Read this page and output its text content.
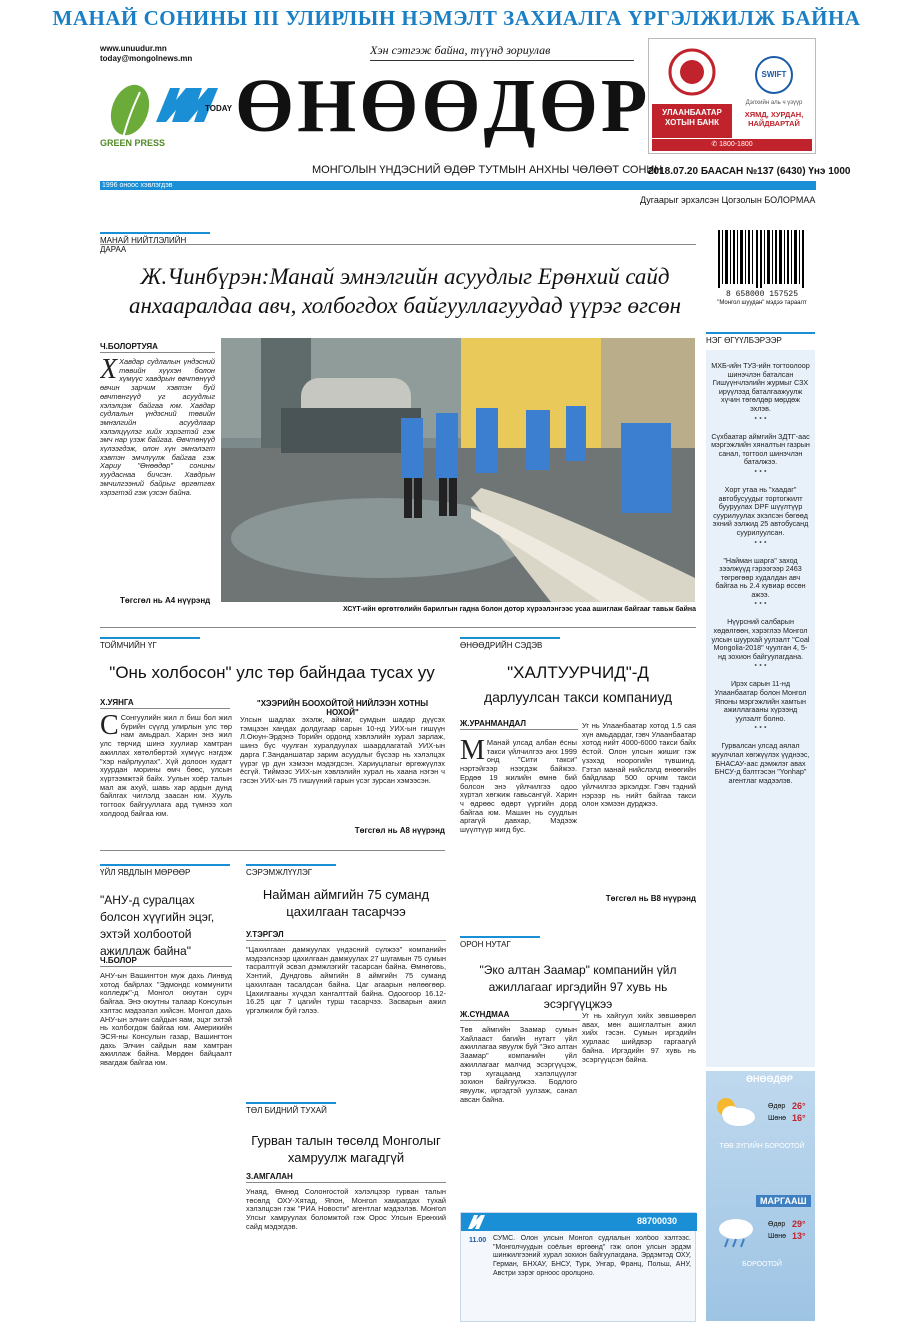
МАНАЙ СОНИНЫ III УЛИРЛЫН НЭМЭЛТ ЗАХИАЛГА ҮРГЭЛЖИЛЖ БАЙНА
www.unuudur.mn
today@mongolnews.mn
Хэн сэтгэж байна, түүнд зориулав
GREEN PRESS
TODAY ӨНӨӨДӨР
МОНГОЛЫН ҮНДЭСНИЙ ӨДӨР ТУТМЫН АНХНЫ ЧӨЛӨӨТ СОНИН
2018.07.20 БААСАН №137 (6430) Үнэ 1000
1996 оноос хэвлэгдэв
Дугаарыг эрхэлсэн Цогзолын БОЛОРМАА
УЛААНБААТАР ХОТЫН БАНК
SWIFT
Дэлхийн аль ч үзүүр
ХЯМД, ХУРДАН, НАЙДВАРТАЙ
✆ 1800-1800
8 658000 157525
"Монгол шуудан" мэдээ тараалт
МАНАЙ НИЙТЛЭЛИЙН ДАРАА
Ж.Чинбүрэн:Манай эмнэлгийн асуудлыг Ерөнхий сайд анхааралдаа авч, холбогдох байгууллагуудад үүрэг өгсөн
Ч.БОЛОРТУЯА
Х Хавдар судлалын үндэсний төвийн хүүхэн болон хүмүүс хавдрын өвчтөнүүд өвчин зарчим хэвтэн буй өвчтөнгүүд уг асуудлыг хэлэлцэж байгаа юм. Хавдар судлалын үндэсний төвийн эмнэлгийн асуудлаар хэлэлцүүлэг хийх хэрэгтэй гэж эмч нар үзэж байгаа. Өвчтөнүүд хүлээгдэж, олон хүн эмнэлэгт хэвтэн эмчлүүлж байгаа гэж Хариу "Өнөөдөр" сонины хуудаснаа бичсэн. Хавдрын эмчилгээний байрыг өргөтгөх хэрэгтэй гэж үзсэн байна.
Төгсгөл нь А4 нүүрэнд
ХСҮТ-ийн өргөтгөлийн барилгын гадна болон дотор хүрээлэнгээс усаа ашиглаж байгааг тавьж байна
НЭГ ӨГҮҮЛБЭРЭЭР
МХБ-ийн ТУЗ-ийн тогтоолоор шинэчлэн баталсан Гишүүнчлэлийн журмыг СЗХ ирүүлээд баталгаажуулж хүчин төгөлдөр мөрдөж эхлэв.
• • •
Сүхбаатар аймгийн ЗДТГ-аас мэргэжлийн хяналтын газрын санал, тогтоол шинэчлэн баталжээ.
• • •
Хорт утаа нь "хаадаг" автобусуудыг тортогжилт бууруулах DPF шүүлтүүр суурилуулах эхэлсэн бөгөөд эхний ээлжид 25 автобусанд суурилуулсан.
• • •
"Найман шарга" заход зээлжүүд гэрээгээр 2463 төгрөгөөр худалдан авч байгаа нь 2.4 хувиар өссөн ажээ.
• • •
Нүүрсний салбарын хөдөлгөөн, хэрэглээ Монгол улсын шуурхай уулзалт "Coal Mongolia-2018" чуулган 4, 5-нд зохион байгуулагдана.
• • •
Ирэх сарын 11-нд Улаанбаатар болон Монгол Японы мэргэжлийн хамтын ажиллагааны хүрээнд уулзалт болно.
• • •
Гурвалсан улсад аялал жуулчлал хөгжүүлэх үүднээс, БНАСАУ-аас дэмжлэг авах БНСУ-д бэлтгэсэн "Yonhap" агентлаг мэдээлэв.
ӨНӨӨДӨР
Өдөр 26°
Шөнө 16°
ТӨВ ЗҮГИЙН БОРООТОЙ
МАРГААШ
Өдөр 29°
Шөнө 13°
БОРООТОЙ
ТОЙМЧИЙН ҮГ
"Онь холбосон" улс төр байндаа тусах уу
Х.УЯНГА
С Сонгуулийн жил л биш бол жил бүрийн сүүлд улирлын улс төр нам амьдрал. Харин энэ жил улс төрчид шинэ хуулиар хамтран ажиллах хөтөлбөртэй хүмүүс нэгдэж "хэр найрлуулах". Хүй долоон худагт хуурдан морины өмч бөөс, улсын хүртээмжтэй байх. Уулын хоёр талын мал аж ахуй, шавь хар ардын дунд байлгах чиглэлд заасан юм. Хууль тогтоох байгууллага ард түмнээ хол холдоод байгаа юм.
"ХЭЭРИЙН БООХОЙТОЙ НИЙЛЭЭН ХОТНЫ НОХОЙ"
Улсын шадлах эхэлж, аймаг, сумдын шадар дүүсэх тэмцээн хандах долдугаар сарын 10-нд УИХ-ын гишүүн Л.Оюун-Эрдэнэ Торийн ордонд хэвлэлийн хурал зарлаж, шинэ бүс чуулган хуралдуулах шаардлагатай УИХ-ын дарга Г.Занданшатар зарим асуудлыг бүсээр нь хэлэлцэх үүрэг үр дүн хэмээн мэдэгдсэн. Хариуцлагыг өргөжүүлэх ёсгүй. Тиймээс УИХ-ын хэвлэлийн хурал нь хаана нэгэн ч гэсэн УИХ-ын 75 гишүүний гарын үсэг зурсан хэмээсэн.
Төгсгөл нь А8 нүүрэнд
ӨНӨӨДРИЙН СЭДЭВ
"ХАЛТУУРЧИД"-Д
дарлуулсан такси компаниуд
Ж.УРАНМАНДАЛ
М Манай улсад албан ёсны такси үйлчилгээ анх 1999 онд "Сити такси" нэртэйгээр нээгдэж байжээ. Ердөө 19 жилийн өмнө бий болсон энэ үйлчилгээ одоо хүртэл хөгжиж гавьсангүй. Харин ч өдрөөс өдөрт үүргийн дорд байгаа юм. Машин нь суудлын аргагүй давхар, Мэдээж шүүлтүүр жигд бус.
Уг нь Улаанбаатар хотод 1.5 сая хүн амьдардаг, гэвч Улаанбаатар хотод нийт 4000-6000 такси байх ёстой. Олон улсын жишиг гэж үзэхэд ноорогийн түвшинд. Гэтэл манай нийслэлд өнөөгийн байдлаар 500 орчим такси үйлчилгээ эрхэлдэг. Гэвч тэдний нэрээр нь нийт байгаа такси олон хэмээн дурджээ.
Төгсгөл нь В8 нүүрэнд
ҮЙЛ ЯВДЛЫН МӨРӨӨР
"АНУ-д суралцах болсон хүүгийн эцэг, эхтэй холбоотой ажиллаж байна"
Ч.БОЛОР
АНУ-ын Вашингтон муж дахь Линвуд хотод байрлах "Эдмондс коммунити колледж"-д Монгол оюутан сурч байгаа. Энэ оюутны талаар Консулын хэлтэс мэдээлэл хийсэн. Монгол дахь АНУ-ын элчин сайдын яам, эцэг эхтэй нь холбогдож байгаа юм. Америкийн ЭСЯ-ны Консулын газар, Вашингтон дахь Элчин сайдын яам хамтран ажиллаж байна. Мөрдөн байцаалт явагдаж байгаа юм.
СЭРЭМЖЛҮҮЛЭГ
Найман аймгийн 75 суманд цахилгаан тасарчээ
У.ТЭРГЭЛ
"Цахилгаан дамжуулах үндэсний сүлжээ" компанийн мэдээлснээр цахилгаан дамжуулах 27 шугамын 75 сумын тасралтгүй эсвэл дэмжлэгийг тасарсан байна. Өмнөговь, Хэнтий, Дундговь аймгийн 8 аймгийн 75 суманд цахилгаан тасалдсан байна. Цаг агаарын нөлөөгөөр. Цахилгааны хүчдэл хангалттай байна. Одоогоор 16.12-16.25 цаг 7 цагийн турш тасарчээ. Засварын ажил үргэлжилж буй гэлээ.
ТӨЛ БИДНИЙ ТУХАЙ
Гурван талын төсөлд Монголыг хамруулж магадгүй
З.АМГАЛАН
Унаяд, Өмнөд Солонгостой хэлэлцээр гурван талын төсөлд ОХУ-Хятад, Япон, Монгол хамрагдах тухай хэлэлцсэн гэж "РИА Новости" агентлаг мэдээлэв. Монгол Улсыг хамруулах боломжтой гэж Орос Улсын Ерөнхий сайд мэдэгдэв.
ОРОН НУТАГ
"Эко алтан Заамар" компанийн үйл ажиллагааг иргэдийн 97 хувь нь эсэргүүцжээ
Ж.СҮНДМАА
Төв аймгийн Заамар сумын Хайлааст багийн нутагт үйл ажиллагаа явуулж буй "Эко алтан Заамар" компанийн үйл ажиллагааг малчид эсэргүүцэж, тэр хугацаанд хэлэлцүүлэг зохион байгуулжээ. Бодлого явуулж, иргэдтэй уулзаж, санал авсан байна.
Уг нь хайгуул хийх зөвшөөрөл авах, мөн ашиглалтын ажил хийх гэсэн. Сумын иргэдийн хурлаас шийдвэр гаргаагүй байна. Иргэдийн 97 хувь нь эсэргүүцсэн байна.
88700030
11.00 СУМС. Олон улсын Монгол судлалын холбоо хэлтээс. "Монголчуудын соёлын өргөөнд" гэж олон улсын эрдэм шинжилгээний хурал зохион байгуулагдана. Эрдэмтэд ОХУ, Герман, БНХАУ, БНСУ, Турк, Унгар, Франц, Польш, АНУ, Австри зэрэг орноос оролцоно.
